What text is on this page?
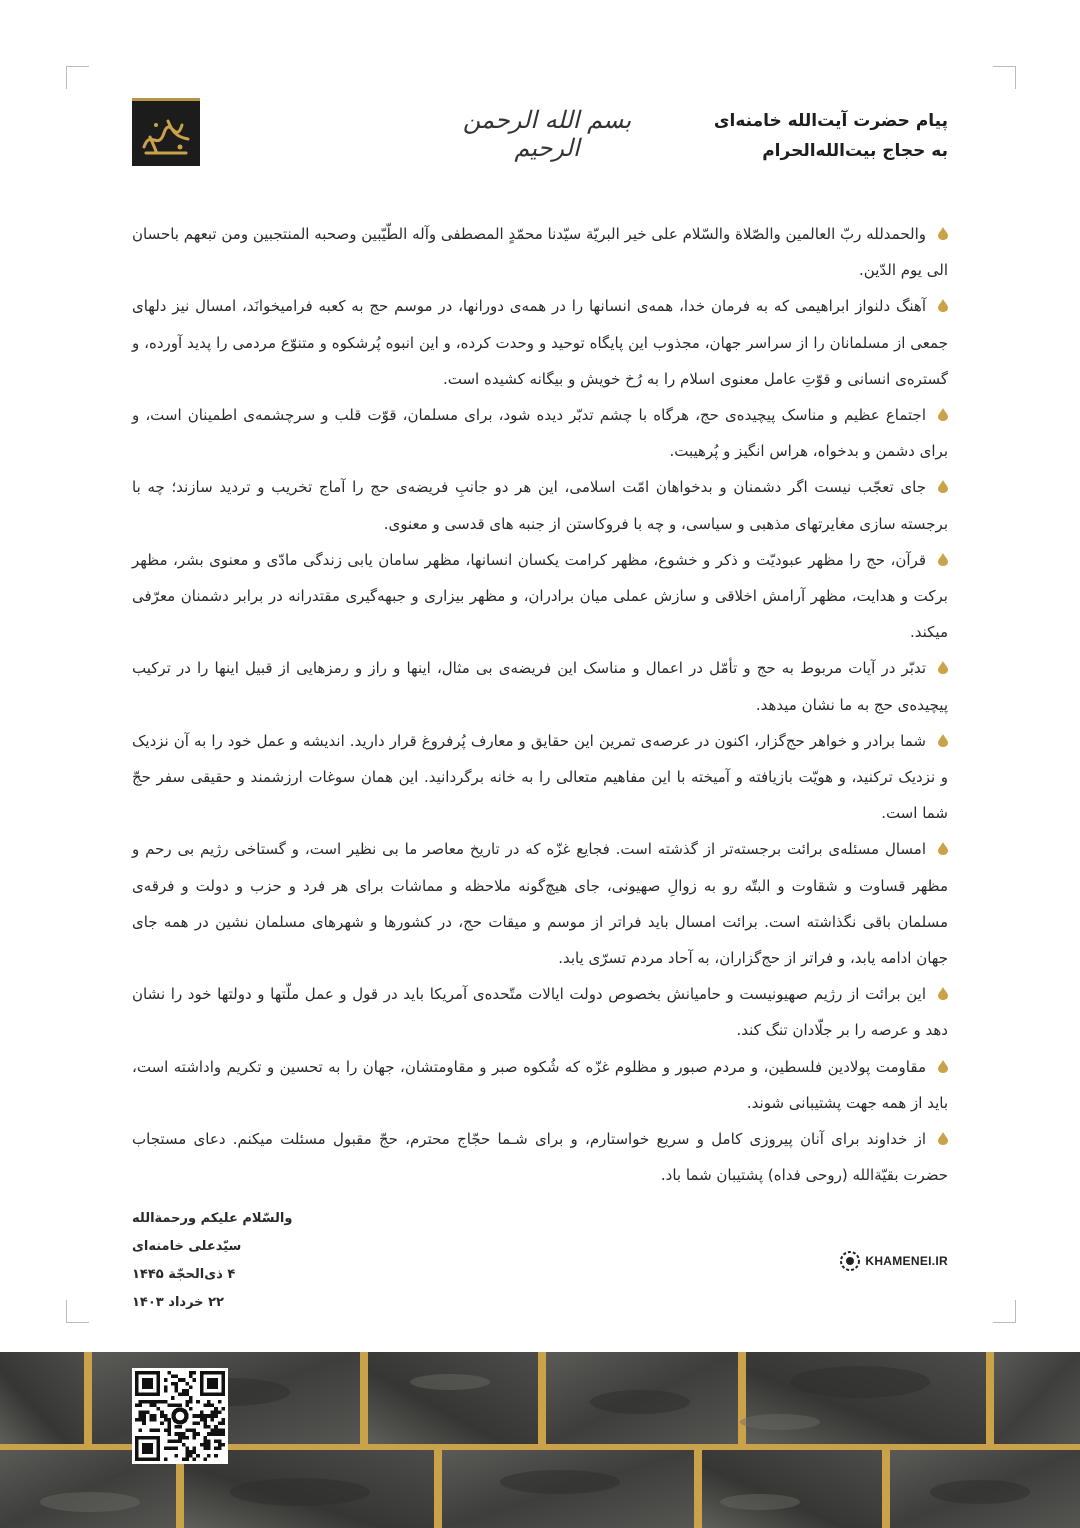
بسم الله الرحمن الرحیم
پیام حضرت آیت‌الله خامنه‌ای
به حجاج بیت‌الله‌الحرام

والحمدلله ربّ العالمین والصّلاة والسّلام علی خیر البریّة سیّدنا محمّدٍ المصطفی وآله الطّیّبین وصحبه المنتجبین ومن تبعهم باحسان الی یوم الدّین.

آهنگ دلنواز ابراهیمی که به فرمان خدا، همه‌ی انسانها را در همه‌ی دورانها، در موسم حج به کعبه فرامیخوانَد، امسال نیز دلهای جمعی از مسلمانان را از سراسر جهان، مجذوب این پایگاه توحید و وحدت کرده، و این انبوه پُرشکوه و متنوّع مردمی را پدید آورده، و گستره‌ی انسانی و قوّتِ عامل معنوی اسلام را به رُخ خویش و بیگانه کشیده است.

اجتماع عظیم و مناسک پیچیده‌ی حج، هرگاه با چشم تدبّر دیده شود، برای مسلمان، قوّت قلب و سرچشمه‌ی اطمینان است، و برای دشمن و بدخواه، هراس انگیز و پُرهیبت.

جای تعجّب نیست اگر دشمنان و بدخواهان امّت اسلامی، این هر دو جانبِ فریضه‌ی حج را آماج تخریب و تردید سازند؛ چه با برجسته سازی مغایرتهای مذهبی و سیاسی، و چه با فروکاستن از جنبه های قدسی و معنوی.

قرآن، حج را مظهر عبودیّت و ذکر و خشوع، مظهر کرامت یکسان انسانها، مظهر سامان یابی زندگی مادّی و معنوی بشر، مظهر برکت و هدایت، مظهر آرامش اخلاقی و سازش عملی میان برادران، و مظهر بیزاری و جبهه‌گیری مقتدرانه در برابر دشمنان معرّفی میکند.

تدبّر در آیات مربوط به حج و تأمّل در اعمال و مناسک این فریضه‌ی بی مثال، اینها و راز و رمزهایی از قبیل اینها را در ترکیب پیچیده‌ی حج به ما نشان میدهد.

شما برادر و خواهر حج‌گزار، اکنون در عرصه‌ی تمرین این حقایق و معارف پُرفروغ قرار دارید. اندیشه و عمل خود را به آن نزدیک و نزدیک ترکنید، و هویّت بازیافته و آمیخته با این مفاهیم متعالی را به خانه برگردانید. این همان سوغات ارزشمند و حقیقی سفر حجّ شما است.

امسال مسئله‌ی برائت برجسته‌تر از گذشته است. فجایع غزّه که در تاریخ معاصر ما بی نظیر است، و گستاخی رژیم بی رحم و مظهر قساوت و شقاوت و البتّه رو به زوالِ صهیونی، جای هیچ‌گونه ملاحظه و مماشات برای هر فرد و حزب و دولت و فرقه‌ی مسلمان باقی نگذاشته است. برائت امسال باید فراتر از موسم و میقات حج، در کشورها و شهرهای مسلمان نشین در همه جای جهان ادامه یابد، و فراتر از حج‌گزاران، به آحاد مردم تسرّی یابد.

این برائت از رژیم صهیونیست و حامیانش بخصوص دولت ایالات متّحده‌ی آمریکا باید در قول و عمل ملّتها و دولتها خود را نشان دهد و عرصه را بر جلّادان تنگ کند.

مقاومت پولادین فلسطین، و مردم صبور و مظلوم غزّه که شُکوه صبر و مقاومتشان، جهان را به تحسین و تکریم واداشته است، باید از همه جهت پشتیبانی شوند.

از خداوند برای آنان پیروزی کامل و سریع خواستارم، و برای شـما حجّاج محترم، حجّ مقبول مسئلت میکنم. دعای مستجاب حضرت بقیّة‌الله (روحی فداه) پشتیبان شما باد.

والسّلام علیکم ورحمة‌الله
سیّدعلی خامنه‌ای
۴ ذی‌الحجّة ۱۴۴۵
۲۲ خرداد ۱۴۰۳
KHAMENEI.IR
